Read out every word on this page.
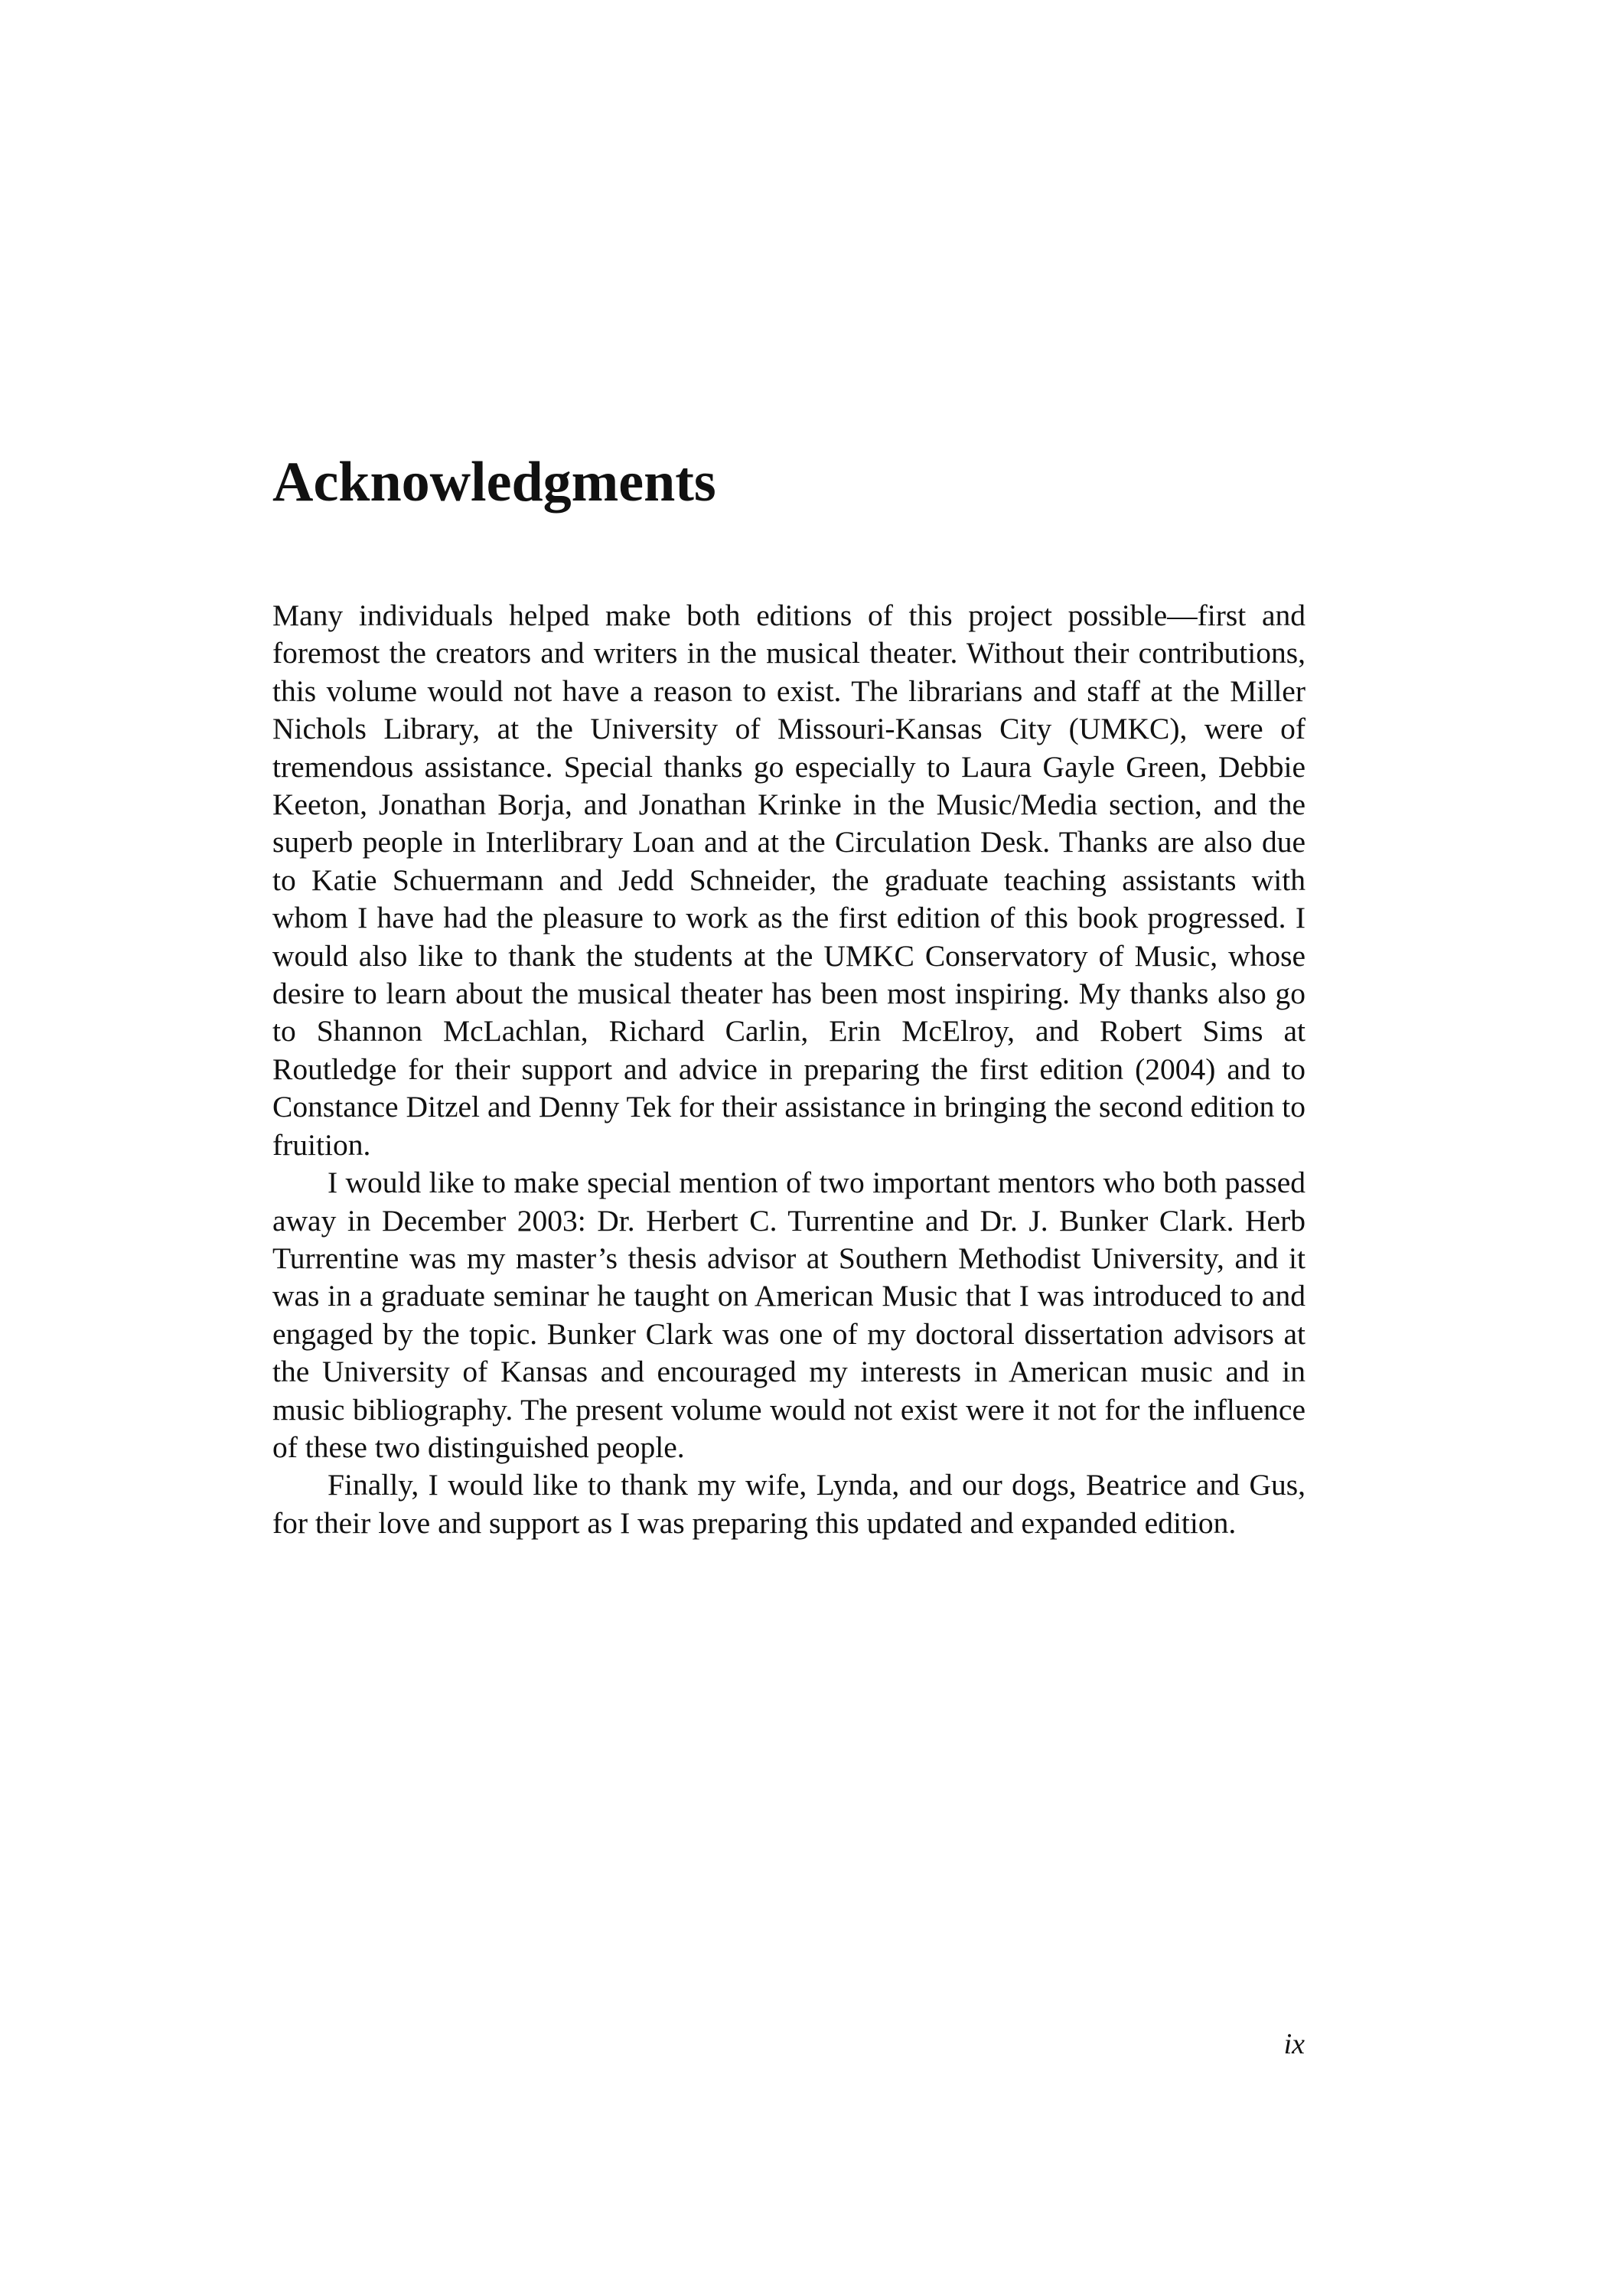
Acknowledgments

Many individuals helped make both editions of this project possible—first and foremost the creators and writers in the musical theater. Without their contributions, this volume would not have a reason to exist. The librarians and staff at the Miller Nichols Library, at the University of Missouri-Kansas City (UMKC), were of tremendous assistance. Special thanks go especially to Laura Gayle Green, Debbie Keeton, Jonathan Borja, and Jonathan Krinke in the Music/Media section, and the superb people in Interlibrary Loan and at the Circulation Desk. Thanks are also due to Katie Schuermann and Jedd Schneider, the graduate teaching assistants with whom I have had the pleasure to work as the first edition of this book progressed. I would also like to thank the students at the UMKC Conservatory of Music, whose desire to learn about the musical theater has been most inspiring. My thanks also go to Shannon McLachlan, Richard Carlin, Erin McElroy, and Robert Sims at Routledge for their support and advice in preparing the first edition (2004) and to Constance Ditzel and Denny Tek for their assistance in bringing the second edition to fruition.

I would like to make special mention of two important mentors who both passed away in December 2003: Dr. Herbert C. Turrentine and Dr. J. Bunker Clark. Herb Turrentine was my master’s thesis advisor at Southern Methodist University, and it was in a graduate seminar he taught on American Music that I was introduced to and engaged by the topic. Bunker Clark was one of my doctoral dissertation advisors at the University of Kansas and encouraged my interests in American music and in music bibliography. The present volume would not exist were it not for the influence of these two distinguished people.

Finally, I would like to thank my wife, Lynda, and our dogs, Beatrice and Gus, for their love and support as I was preparing this updated and expanded edition.

ix
